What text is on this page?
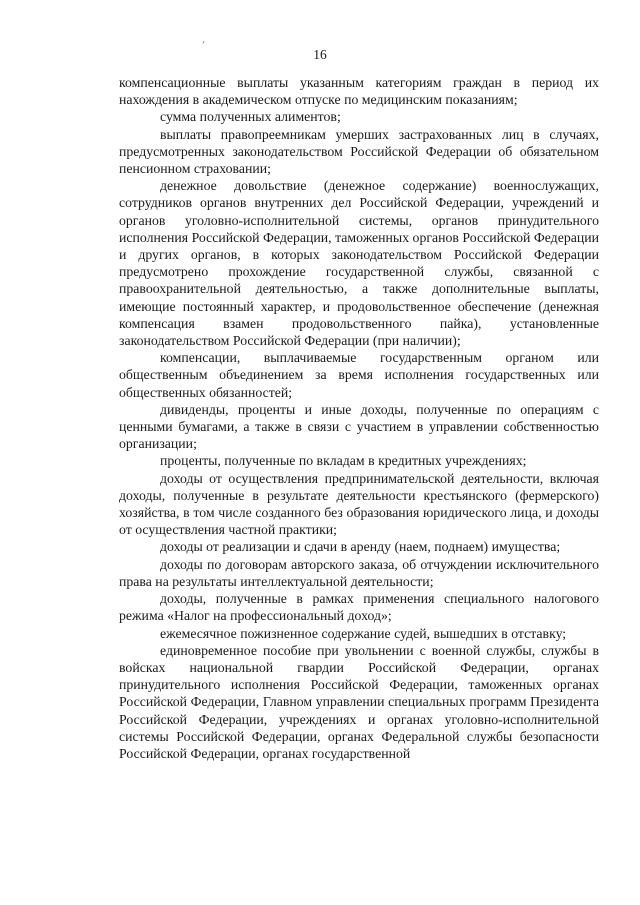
ˊ
16

компенсационные выплаты указанным категориям граждан в период их нахождения в академическом отпуске по медицинским показаниям;

сумма полученных алиментов;

выплаты правопреемникам умерших застрахованных лиц в случаях, предусмотренных законодательством Российской Федерации об обязательном пенсионном страховании;

денежное довольствие (денежное содержание) военнослужащих, сотрудников органов внутренних дел Российской Федерации, учреждений и органов уголовно-исполнительной системы, органов принудительного исполнения Российской Федерации, таможенных органов Российской Федерации и других органов, в которых законодательством Российской Федерации предусмотрено прохождение государственной службы, связанной с правоохранительной деятельностью, а также дополнительные выплаты, имеющие постоянный характер, и продовольственное обеспечение (денежная компенсация взамен продовольственного пайка), установленные законодательством Российской Федерации (при наличии);

компенсации, выплачиваемые государственным органом или общественным объединением за время исполнения государственных или общественных обязанностей;

дивиденды, проценты и иные доходы, полученные по операциям с ценными бумагами, а также в связи с участием в управлении собственностью организации;

проценты, полученные по вкладам в кредитных учреждениях;

доходы от осуществления предпринимательской деятельности, включая доходы, полученные в результате деятельности крестьянского (фермерского) хозяйства, в том числе созданного без образования юридического лица, и доходы от осуществления частной практики;

доходы от реализации и сдачи в аренду (наем, поднаем) имущества;

доходы по договорам авторского заказа, об отчуждении исключительного права на результаты интеллектуальной деятельности;

доходы, полученные в рамках применения специального налогового режима «Налог на профессиональный доход»;

ежемесячное пожизненное содержание судей, вышедших в отставку;

единовременное пособие при увольнении с военной службы, службы в войсках национальной гвардии Российской Федерации, органах принудительного исполнения Российской Федерации, таможенных органах Российской Федерации, Главном управлении специальных программ Президента Российской Федерации, учреждениях и органах уголовно-исполнительной системы Российской Федерации, органах Федеральной службы безопасности Российской Федерации, органах государственной
